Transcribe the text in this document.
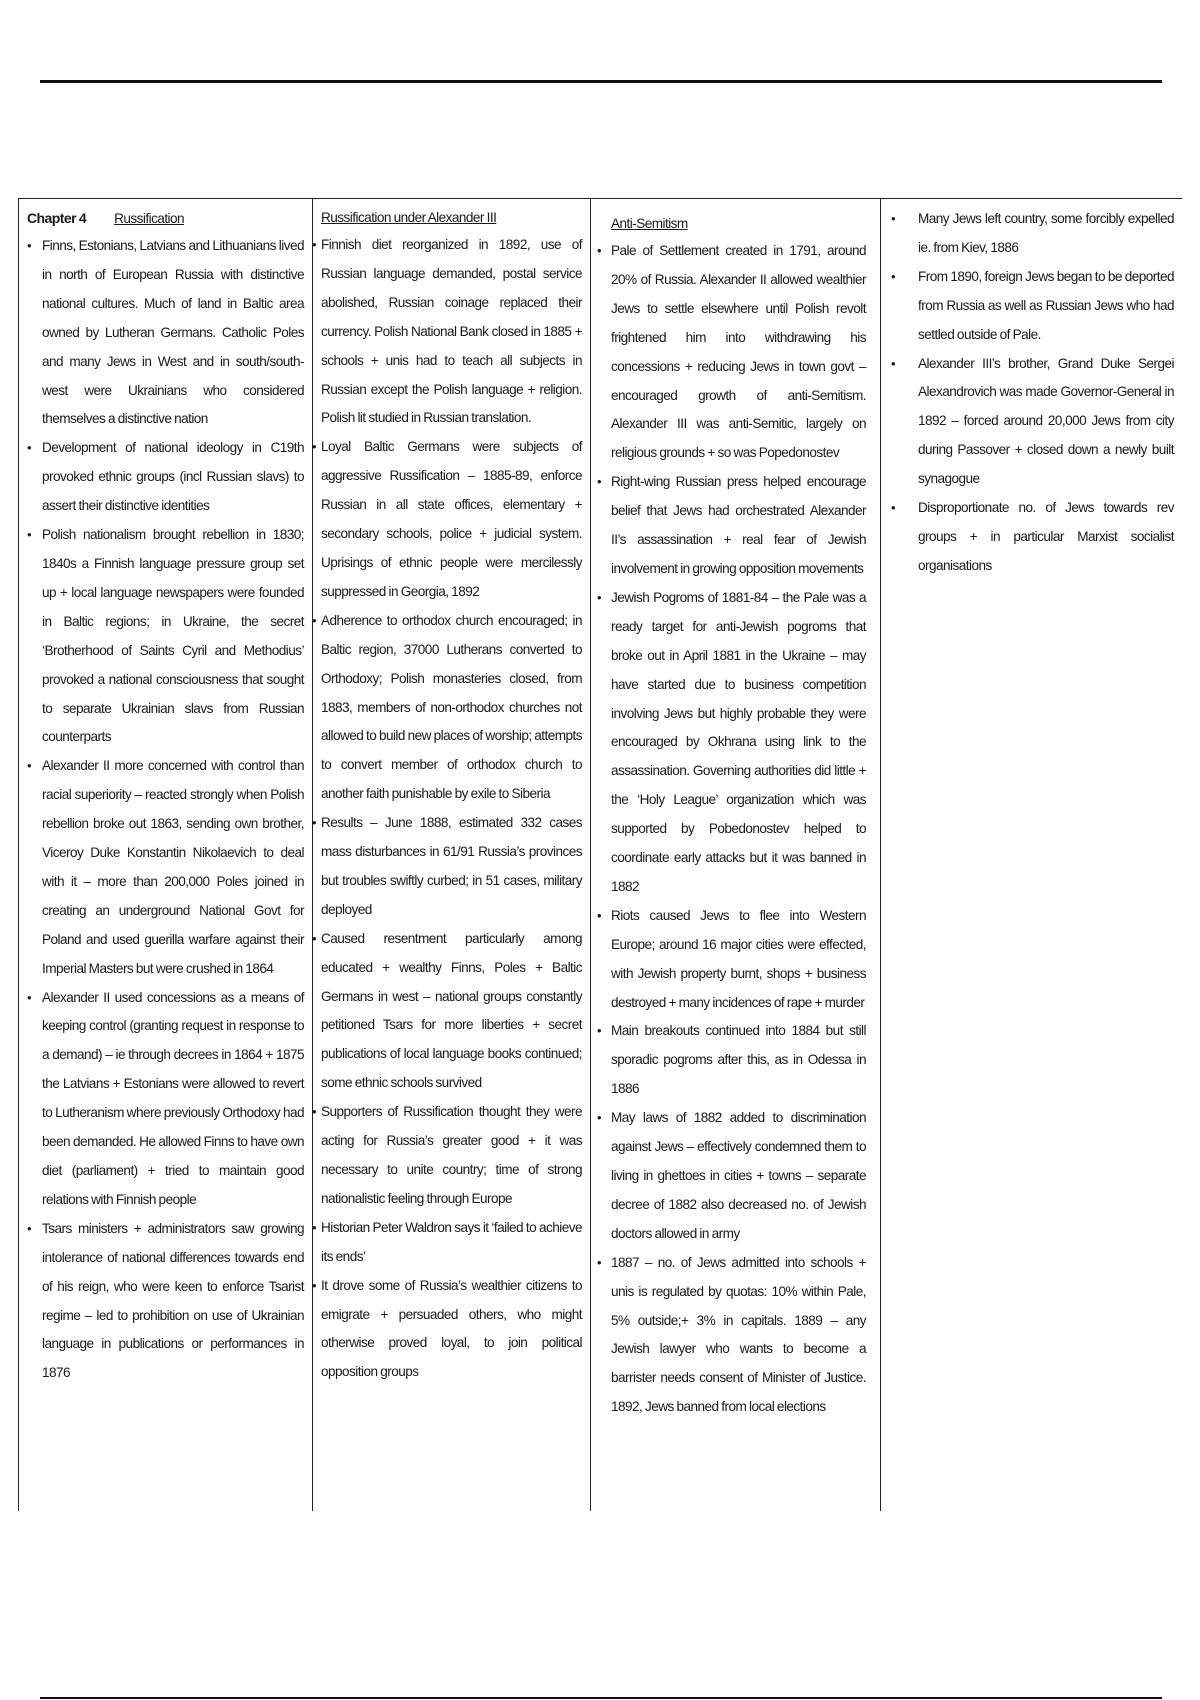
Chapter 4 Russification
• Finns, Estonians, Latvians and Lithuanians lived in north of European Russia with distinctive national cultures. Much of land in Baltic area owned by Lutheran Germans. Catholic Poles and many Jews in West and in south/south-west were Ukrainians who considered themselves a distinctive nation
• Development of national ideology in C19th provoked ethnic groups (incl Russian slavs) to assert their distinctive identities
• Polish nationalism brought rebellion in 1830; 1840s a Finnish language pressure group set up + local language newspapers were founded in Baltic regions; in Ukraine, the secret ‘Brotherhood of Saints Cyril and Methodius’ provoked a national consciousness that sought to separate Ukrainian slavs from Russian counterparts
• Alexander II more concerned with control than racial superiority – reacted strongly when Polish rebellion broke out 1863, sending own brother, Viceroy Duke Konstantin Nikolaevich to deal with it – more than 200,000 Poles joined in creating an underground National Govt for Poland and used guerilla warfare against their Imperial Masters but were crushed in 1864
• Alexander II used concessions as a means of keeping control (granting request in response to a demand) – ie through decrees in 1864 + 1875 the Latvians + Estonians were allowed to revert to Lutheranism where previously Orthodoxy had been demanded. He allowed Finns to have own diet (parliament) + tried to maintain good relations with Finnish people
• Tsars ministers + administrators saw growing intolerance of national differences towards end of his reign, who were keen to enforce Tsarist regime – led to prohibition on use of Ukrainian language in publications or performances in 1876
Russification under Alexander III
• Finnish diet reorganized in 1892, use of Russian language demanded, postal service abolished, Russian coinage replaced their currency. Polish National Bank closed in 1885 + schools + unis had to teach all subjects in Russian except the Polish language + religion. Polish lit studied in Russian translation.
• Loyal Baltic Germans were subjects of aggressive Russification – 1885-89, enforce Russian in all state offices, elementary + secondary schools, police + judicial system. Uprisings of ethnic people were mercilessly suppressed in Georgia, 1892
• Adherence to orthodox church encouraged; in Baltic region, 37000 Lutherans converted to Orthodoxy; Polish monasteries closed, from 1883, members of non-orthodox churches not allowed to build new places of worship; attempts to convert member of orthodox church to another faith punishable by exile to Siberia
• Results – June 1888, estimated 332 cases mass disturbances in 61/91 Russia’s provinces but troubles swiftly curbed; in 51 cases, military deployed
• Caused resentment particularly among educated + wealthy Finns, Poles + Baltic Germans in west – national groups constantly petitioned Tsars for more liberties + secret publications of local language books continued; some ethnic schools survived
• Supporters of Russification thought they were acting for Russia’s greater good + it was necessary to unite country; time of strong nationalistic feeling through Europe
• Historian Peter Waldron says it ‘failed to achieve its ends’
• It drove some of Russia’s wealthier citizens to emigrate + persuaded others, who might otherwise proved loyal, to join political opposition groups
Anti-Semitism
• Pale of Settlement created in 1791, around 20% of Russia. Alexander II allowed wealthier Jews to settle elsewhere until Polish revolt frightened him into withdrawing his concessions + reducing Jews in town govt – encouraged growth of anti-Semitism. Alexander III was anti-Semitic, largely on religious grounds + so was Popedonostev
• Right-wing Russian press helped encourage belief that Jews had orchestrated Alexander II’s assassination + real fear of Jewish involvement in growing opposition movements
• Jewish Pogroms of 1881-84 – the Pale was a ready target for anti-Jewish pogroms that broke out in April 1881 in the Ukraine – may have started due to business competition involving Jews but highly probable they were encouraged by Okhrana using link to the assassination. Governing authorities did little + the ‘Holy League’ organization which was supported by Pobedonostev helped to coordinate early attacks but it was banned in 1882
• Riots caused Jews to flee into Western Europe; around 16 major cities were effected, with Jewish property burnt, shops + business destroyed + many incidences of rape + murder
• Main breakouts continued into 1884 but still sporadic pogroms after this, as in Odessa in 1886
• May laws of 1882 added to discrimination against Jews – effectively condemned them to living in ghettoes in cities + towns – separate decree of 1882 also decreased no. of Jewish doctors allowed in army
• 1887 – no. of Jews admitted into schools + unis is regulated by quotas: 10% within Pale, 5% outside;+ 3% in capitals. 1889 – any Jewish lawyer who wants to become a barrister needs consent of Minister of Justice. 1892, Jews banned from local elections
• Many Jews left country, some forcibly expelled ie. from Kiev, 1886
• From 1890, foreign Jews began to be deported from Russia as well as Russian Jews who had settled outside of Pale.
• Alexander III’s brother, Grand Duke Sergei Alexandrovich was made Governor-General in 1892 – forced around 20,000 Jews from city during Passover + closed down a newly built synagogue
• Disproportionate no. of Jews towards rev groups + in particular Marxist socialist organisations
